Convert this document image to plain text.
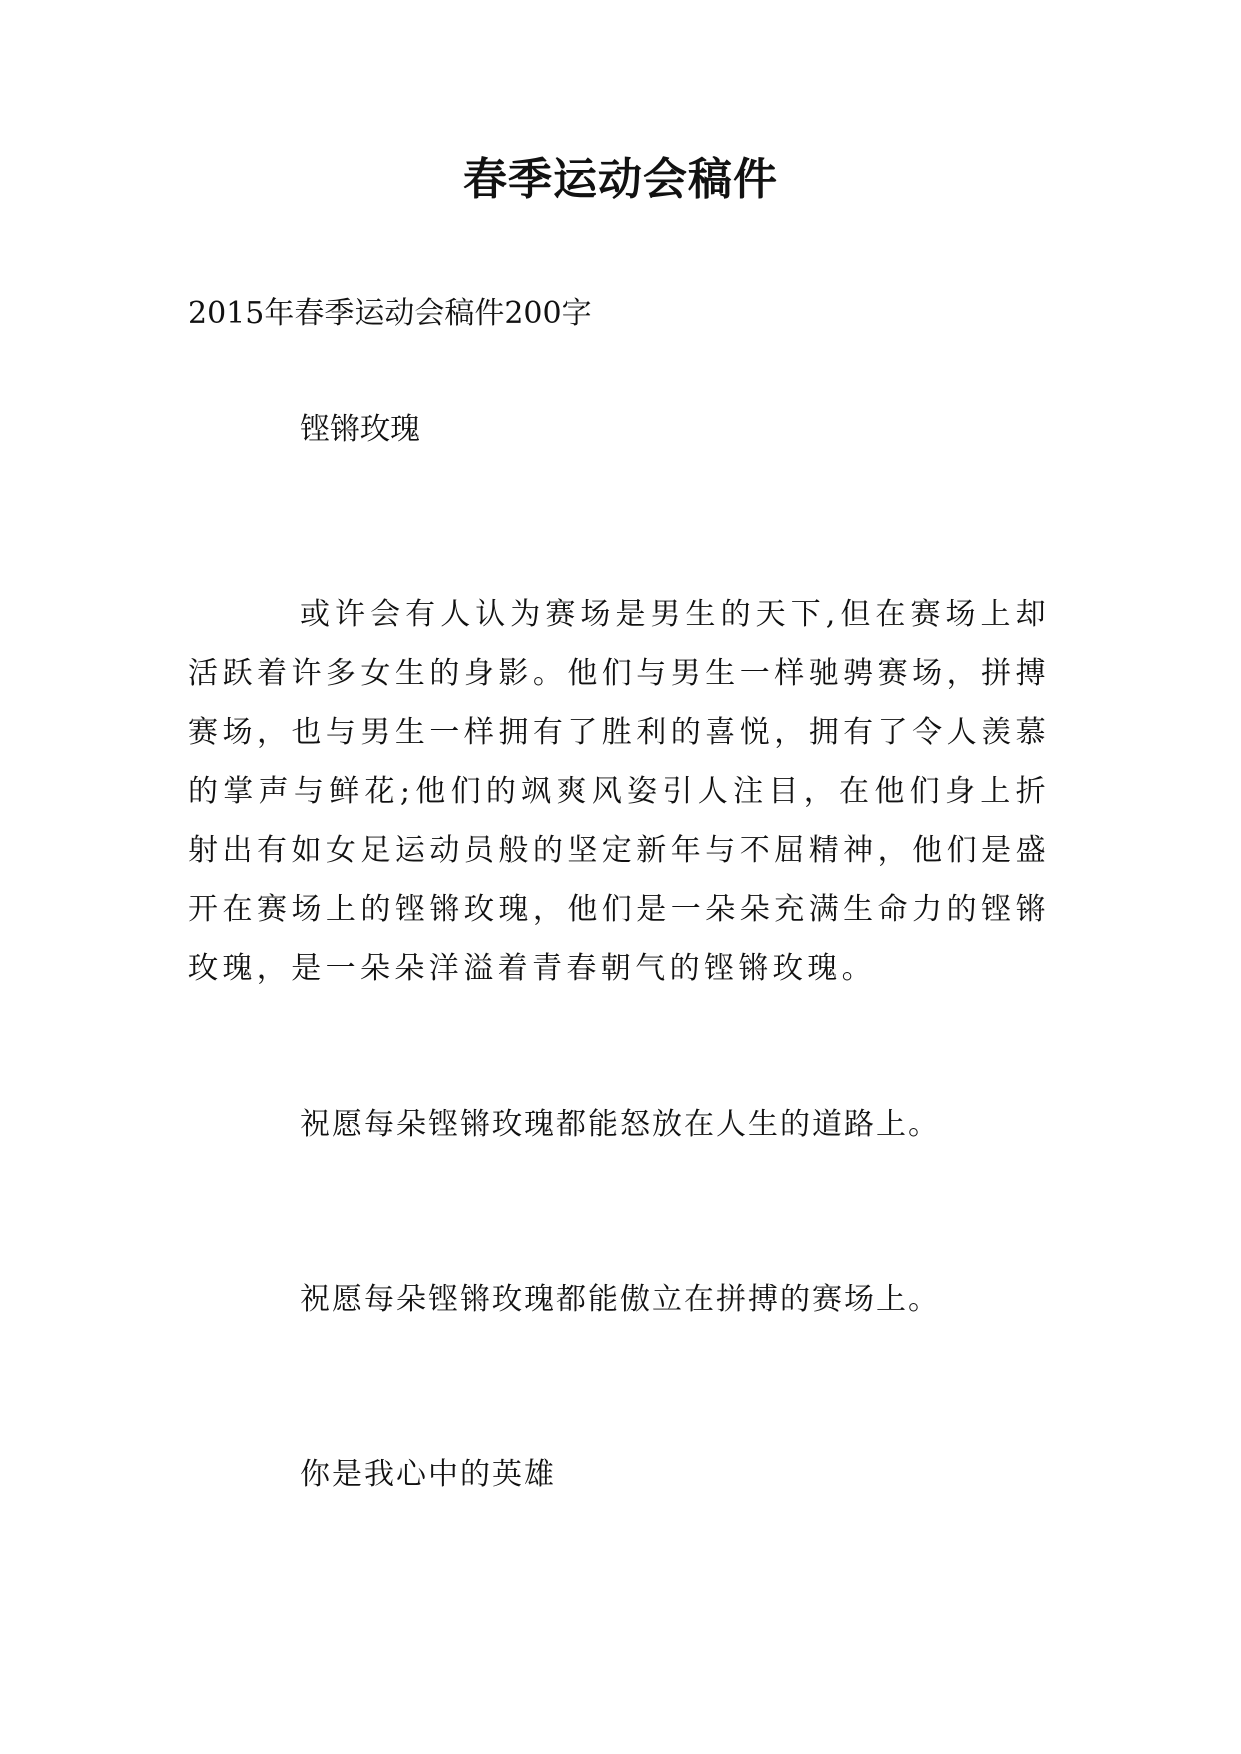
春季运动会稿件

2015年春季运动会稿件200字

铿锵玫瑰

或许会有人认为赛场是男生的天下,但在赛场上却活跃着许多女生的身影。他们与男生一样驰骋赛场，拼搏赛场，也与男生一样拥有了胜利的喜悦，拥有了令人羡慕的掌声与鲜花;他们的飒爽风姿引人注目，在他们身上折射出有如女足运动员般的坚定新年与不屈精神，他们是盛开在赛场上的铿锵玫瑰，他们是一朵朵充满生命力的铿锵玫瑰，是一朵朵洋溢着青春朝气的铿锵玫瑰。

祝愿每朵铿锵玫瑰都能怒放在人生的道路上。

祝愿每朵铿锵玫瑰都能傲立在拼搏的赛场上。

你是我心中的英雄
